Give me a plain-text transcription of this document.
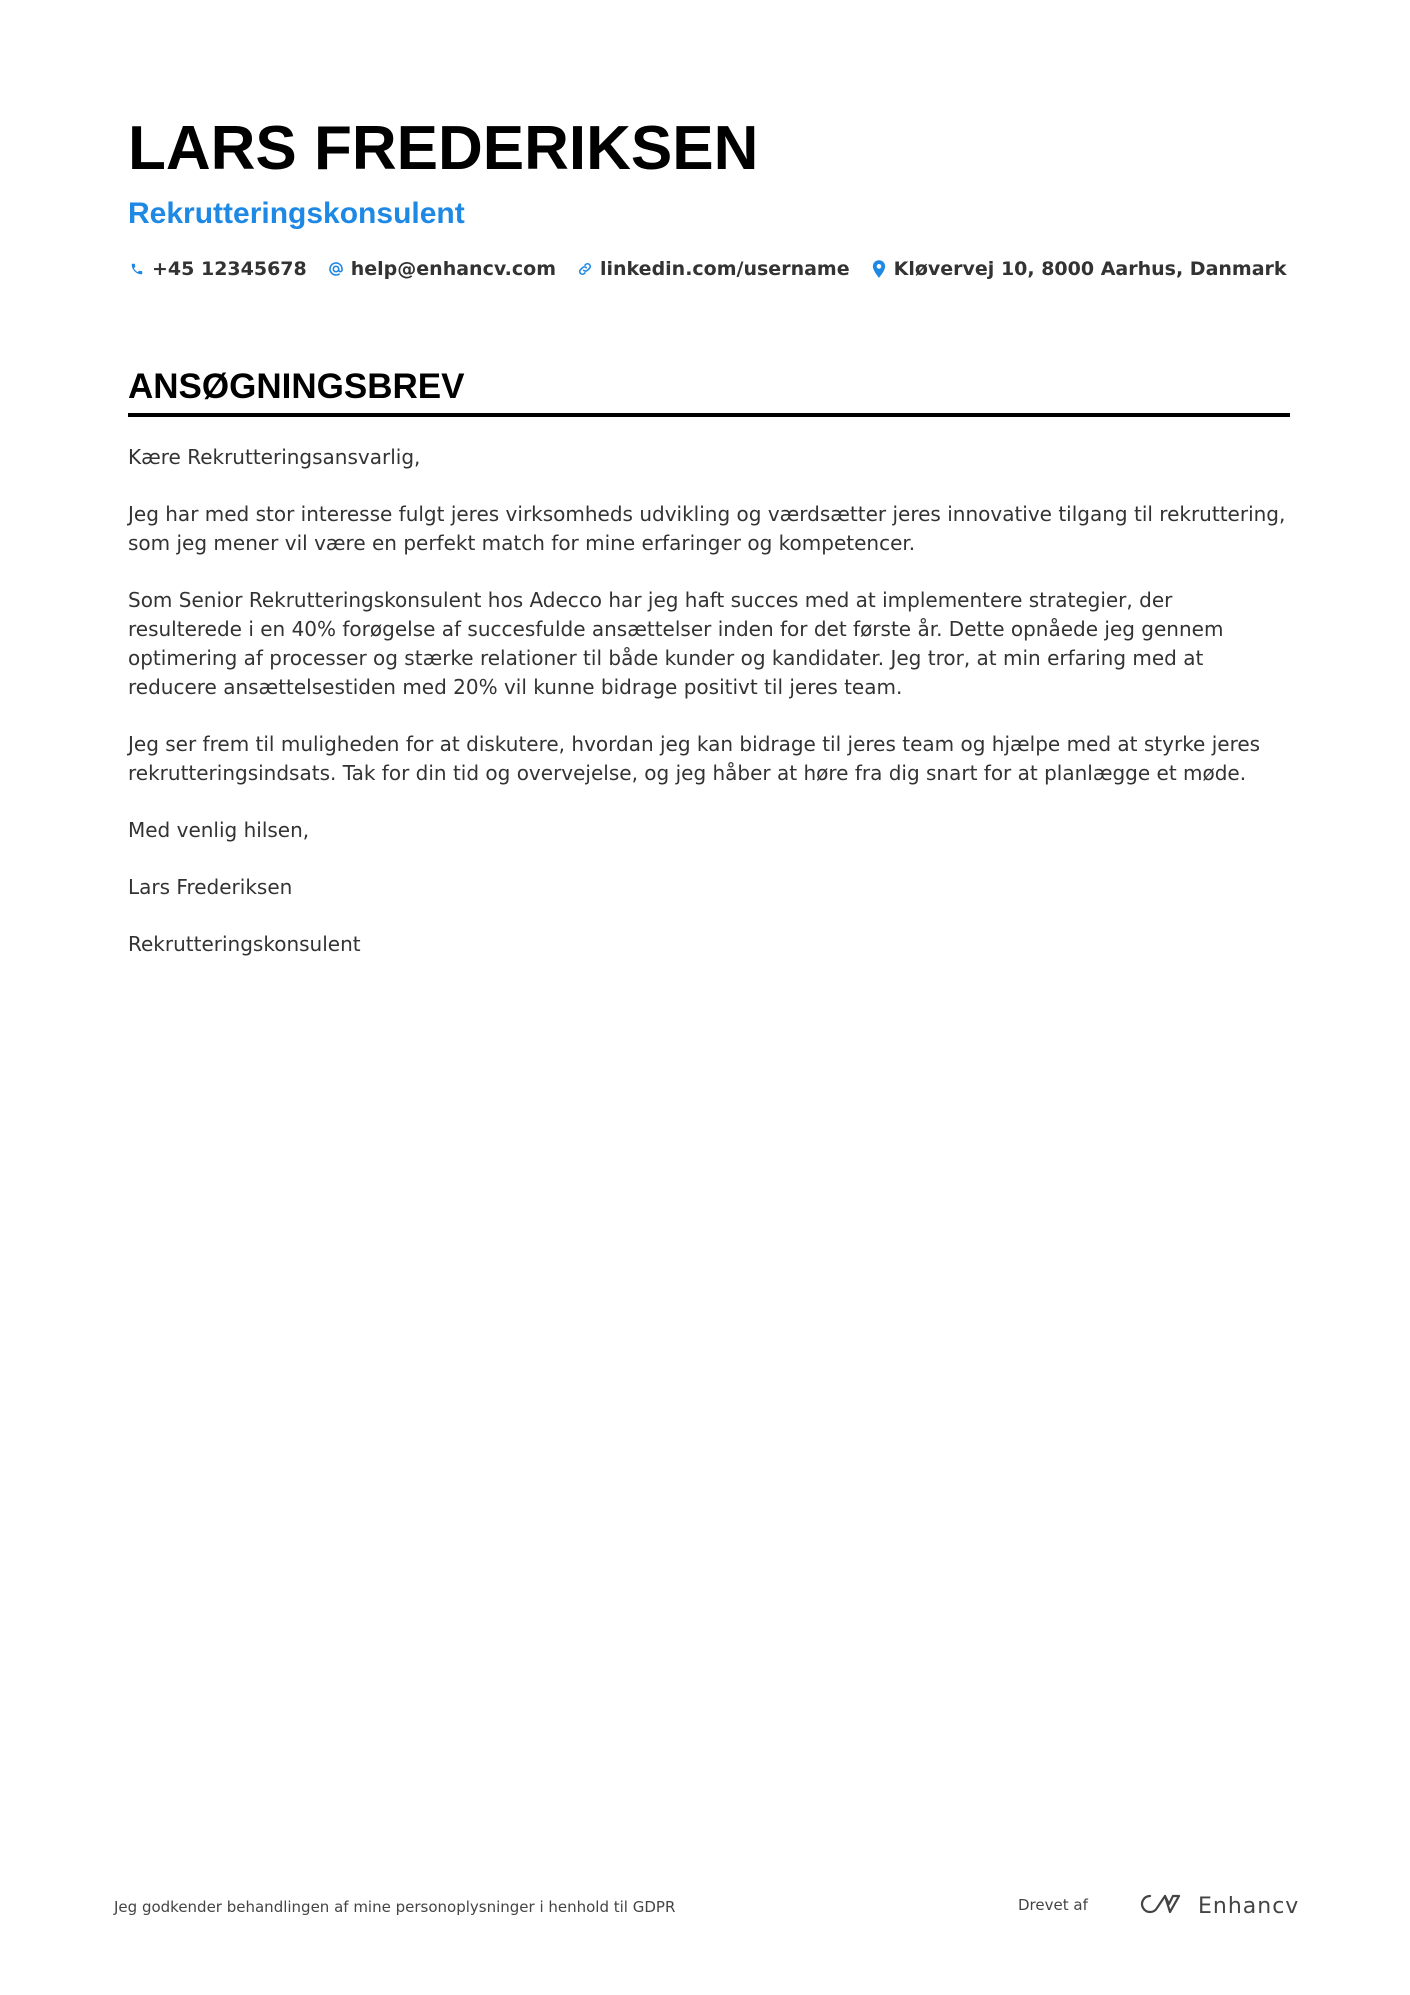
LARS FREDERIKSEN
Rekrutteringskonsulent
+45 12345678 help@enhancv.com linkedin.com/username Kløvervej 10, 8000 Aarhus, Danmark
ANSØGNINGSBREV

Kære Rekrutteringsansvarlig,

Jeg har med stor interesse fulgt jeres virksomheds udvikling og værdsætter jeres innovative tilgang til rekruttering, som jeg mener vil være en perfekt match for mine erfaringer og kompetencer.

Som Senior Rekrutteringskonsulent hos Adecco har jeg haft succes med at implementere strategier, der resulterede i en 40% forøgelse af succesfulde ansættelser inden for det første år. Dette opnåede jeg gennem optimering af processer og stærke relationer til både kunder og kandidater. Jeg tror, at min erfaring med at reducere ansættelsestiden med 20% vil kunne bidrage positivt til jeres team.

Jeg ser frem til muligheden for at diskutere, hvordan jeg kan bidrage til jeres team og hjælpe med at styrke jeres rekrutteringsindsats. Tak for din tid og overvejelse, og jeg håber at høre fra dig snart for at planlægge et møde.

Med venlig hilsen,

Lars Frederiksen

Rekrutteringskonsulent

Jeg godkender behandlingen af mine personoplysninger i henhold til GDPR	Drevet af	Enhancv
